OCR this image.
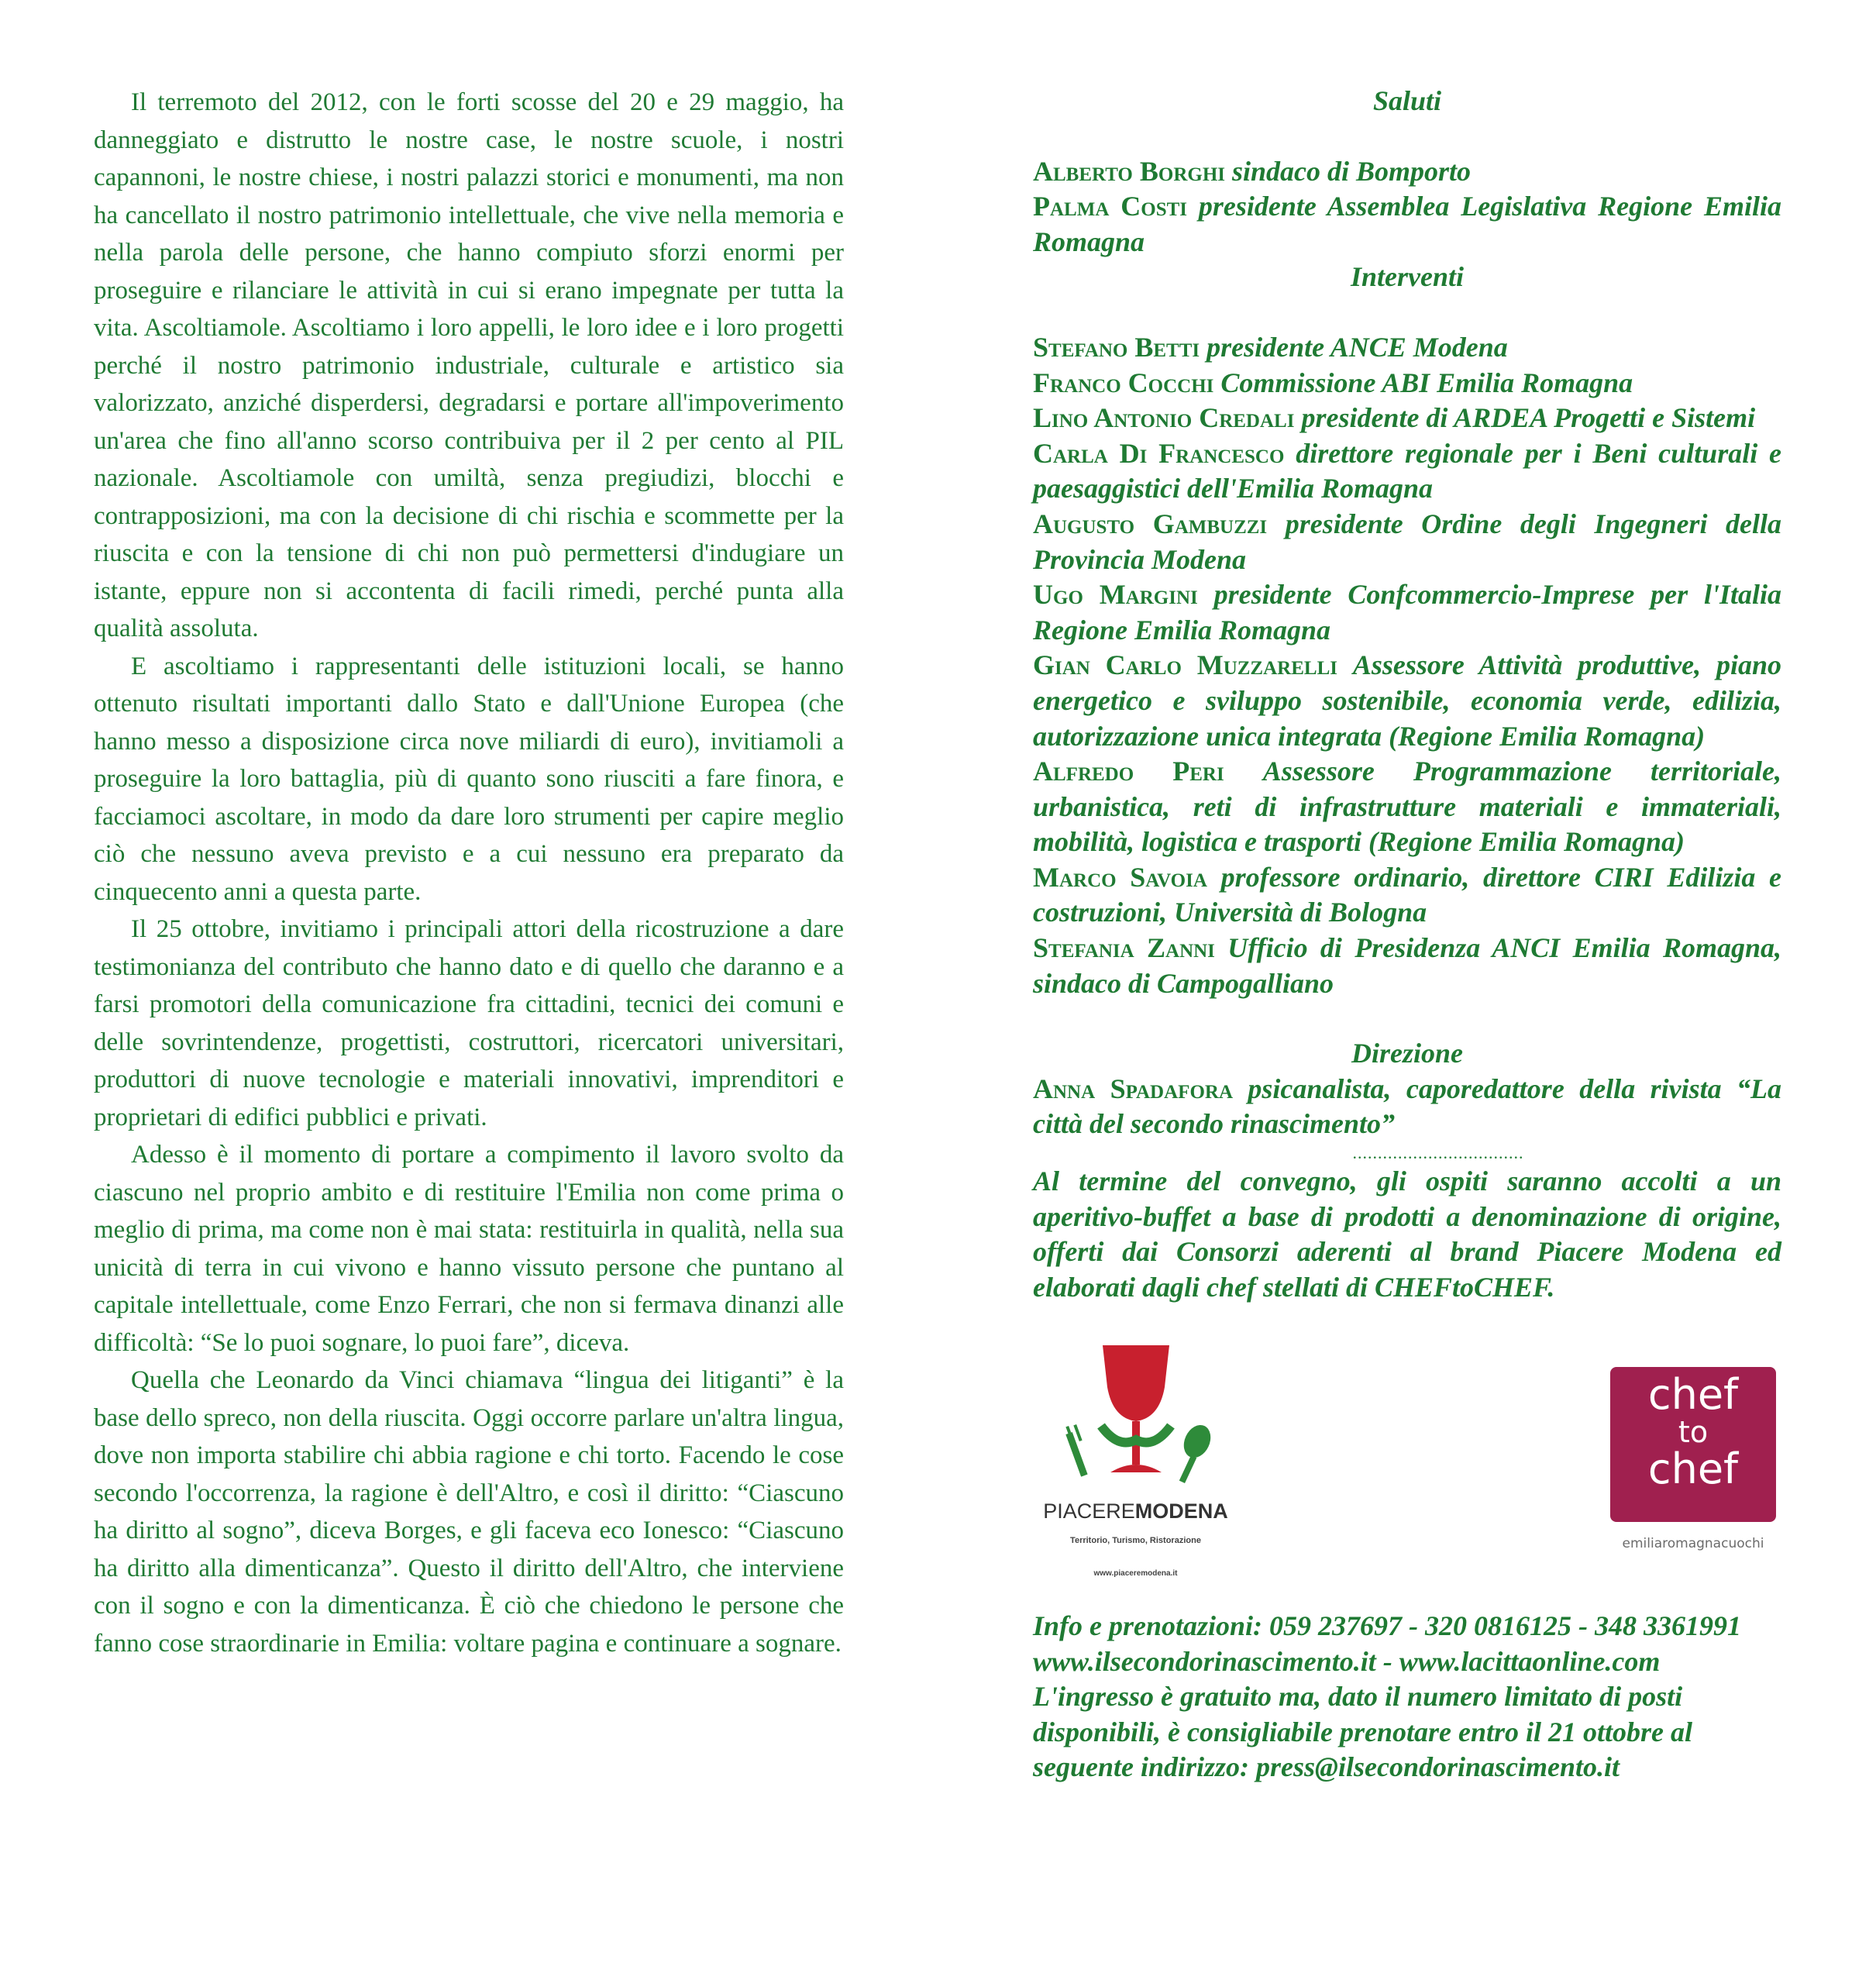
Il terremoto del 2012, con le forti scosse del 20 e 29 maggio, ha danneggiato e distrutto le nostre case, le nostre scuole, i nostri capannoni, le nostre chiese, i nostri palazzi storici e monumenti, ma non ha cancellato il nostro patrimonio intellettuale, che vive nella memoria e nella parola delle persone, che hanno compiuto sforzi enormi per proseguire e rilanciare le attività in cui si erano impegnate per tutta la vita. Ascoltiamole. Ascoltiamo i loro appelli, le loro idee e i loro progetti perché il nostro patrimonio industriale, culturale e artistico sia valorizzato, anziché disperdersi, degradarsi e portare all'impoverimento un'area che fino all'anno scorso contribuiva per il 2 per cento al PIL nazionale. Ascoltiamole con umiltà, senza pregiudizi, blocchi e contrapposizioni, ma con la decisione di chi rischia e scommette per la riuscita e con la tensione di chi non può permettersi d'indugiare un istante, eppure non si accontenta di facili rimedi, perché punta alla qualità assoluta.

E ascoltiamo i rappresentanti delle istituzioni locali, se hanno ottenuto risultati importanti dallo Stato e dall'Unione Europea (che hanno messo a disposizione circa nove miliardi di euro), invitiamoli a proseguire la loro battaglia, più di quanto sono riusciti a fare finora, e facciamoci ascoltare, in modo da dare loro strumenti per capire meglio ciò che nessuno aveva previsto e a cui nessuno era preparato da cinquecento anni a questa parte.

Il 25 ottobre, invitiamo i principali attori della ricostruzione a dare testimonianza del contributo che hanno dato e di quello che daranno e a farsi promotori della comunicazione fra cittadini, tecnici dei comuni e delle sovrintendenze, progettisti, costruttori, ricercatori universitari, produttori di nuove tecnologie e materiali innovativi, imprenditori e proprietari di edifici pubblici e privati.

Adesso è il momento di portare a compimento il lavoro svolto da ciascuno nel proprio ambito e di restituire l'Emilia non come prima o meglio di prima, ma come non è mai stata: restituirla in qualità, nella sua unicità di terra in cui vivono e hanno vissuto persone che puntano al capitale intellettuale, come Enzo Ferrari, che non si fermava dinanzi alle difficoltà: “Se lo puoi sognare, lo puoi fare”, diceva.

Quella che Leonardo da Vinci chiamava “lingua dei litiganti” è la base dello spreco, non della riuscita. Oggi occorre parlare un'altra lingua, dove non importa stabilire chi abbia ragione e chi torto. Facendo le cose secondo l'occorrenza, la ragione è dell'Altro, e così il diritto: “Ciascuno ha diritto al sogno”, diceva Borges, e gli faceva eco Ionesco: “Ciascuno ha diritto alla dimenticanza”. Questo il diritto dell'Altro, che interviene con il sogno e con la dimenticanza. È ciò che chiedono le persone che fanno cose straordinarie in Emilia: voltare pagina e continuare a sognare.

Saluti
Alberto Borghi sindaco di Bomporto
Palma Costi presidente Assemblea Legislativa Regione Emilia Romagna
Interventi
Stefano Betti presidente ANCE Modena
Franco Cocchi Commissione ABI Emilia Romagna
Lino Antonio Credali presidente di ARDEA Progetti e Sistemi
Carla Di Francesco direttore regionale per i Beni culturali e paesaggistici dell'Emilia Romagna
Augusto Gambuzzi presidente Ordine degli Ingegneri della Provincia Modena
Ugo Margini presidente Confcommercio-Imprese per l'Italia Regione Emilia Romagna
Gian Carlo Muzzarelli Assessore Attività produttive, piano energetico e sviluppo sostenibile, economia verde, edilizia, autorizzazione unica integrata (Regione Emilia Romagna)
Alfredo Peri Assessore Programmazione territoriale, urbanistica, reti di infrastrutture materiali e immateriali, mobilità, logistica e trasporti (Regione Emilia Romagna)
Marco Savoia professore ordinario, direttore CIRI Edilizia e costruzioni, Università di Bologna
Stefania Zanni Ufficio di Presidenza ANCI Emilia Romagna, sindaco di Campogalliano
Direzione
Anna Spadafora psicanalista, caporedattore della rivista “La città del secondo rinascimento”
..................................
Al termine del convegno, gli ospiti saranno accolti a un aperitivo-buffet a base di prodotti a denominazione di origine, offerti dai Consorzi aderenti al brand Piacere Modena ed elaborati dagli chef stellati di CHEFtoCHEF.
PIACEREMODENA
Territorio, Turismo, Ristorazione
www.piaceremodena.it
chef
to
chef
emiliaromagnacuochi
Info e prenotazioni: 059 237697 - 320 0816125 - 348 3361991
www.ilsecondorinascimento.it - www.lacittaonline.com
L'ingresso è gratuito ma, dato il numero limitato di posti disponibili, è consigliabile prenotare entro il 21 ottobre al seguente indirizzo: press@ilsecondorinascimento.it
